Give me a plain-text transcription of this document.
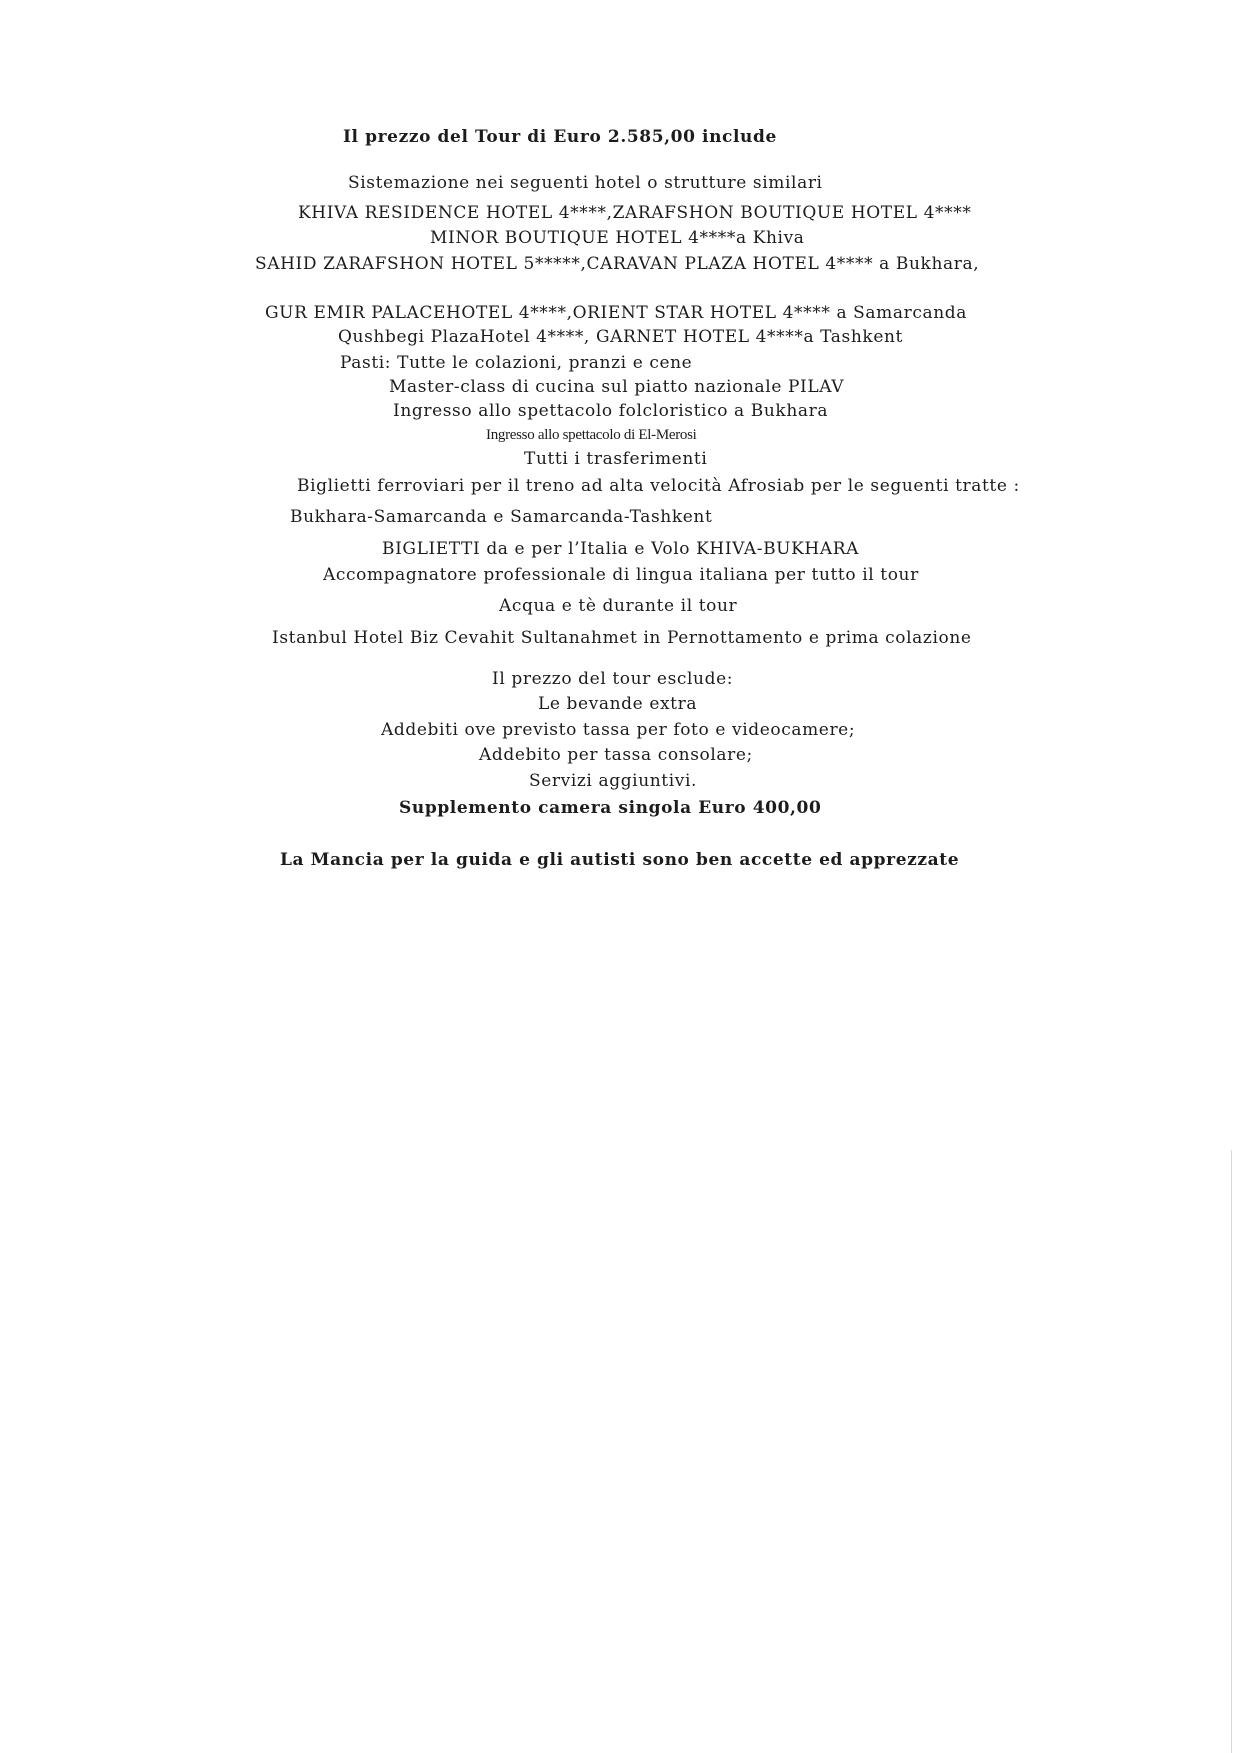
Il prezzo del Tour di Euro 2.585,00 include
Sistemazione nei seguenti hotel o strutture similari
KHIVA RESIDENCE HOTEL 4****,ZARAFSHON BOUTIQUE HOTEL 4****
MINOR BOUTIQUE HOTEL 4****a Khiva
SAHID ZARAFSHON HOTEL 5*****,CARAVAN PLAZA HOTEL 4**** a Bukhara,
GUR EMIR PALACEHOTEL 4****,ORIENT STAR HOTEL 4**** a Samarcanda
Qushbegi PlazaHotel 4****, GARNET HOTEL 4****a Tashkent
Pasti: Tutte le colazioni, pranzi e cene
Master-class di cucina sul piatto nazionale PILAV
Ingresso allo spettacolo folcloristico a Bukhara
Ingresso allo spettacolo di El-Merosi
Tutti i trasferimenti
Biglietti ferroviari per il treno ad alta velocità Afrosiab per le seguenti tratte :
Bukhara-Samarcanda e Samarcanda-Tashkent
BIGLIETTI da e per l’Italia e Volo KHIVA-BUKHARA
Accompagnatore professionale di lingua italiana per tutto il tour
Acqua e tè durante il tour
Istanbul Hotel Biz Cevahit Sultanahmet in Pernottamento e prima colazione
Il prezzo del tour esclude:
Le bevande extra
Addebiti ove previsto tassa per foto e videocamere;
Addebito per tassa consolare;
Servizi aggiuntivi.
Supplemento camera singola Euro 400,00
La Mancia per la guida e gli autisti sono ben accette ed apprezzate
